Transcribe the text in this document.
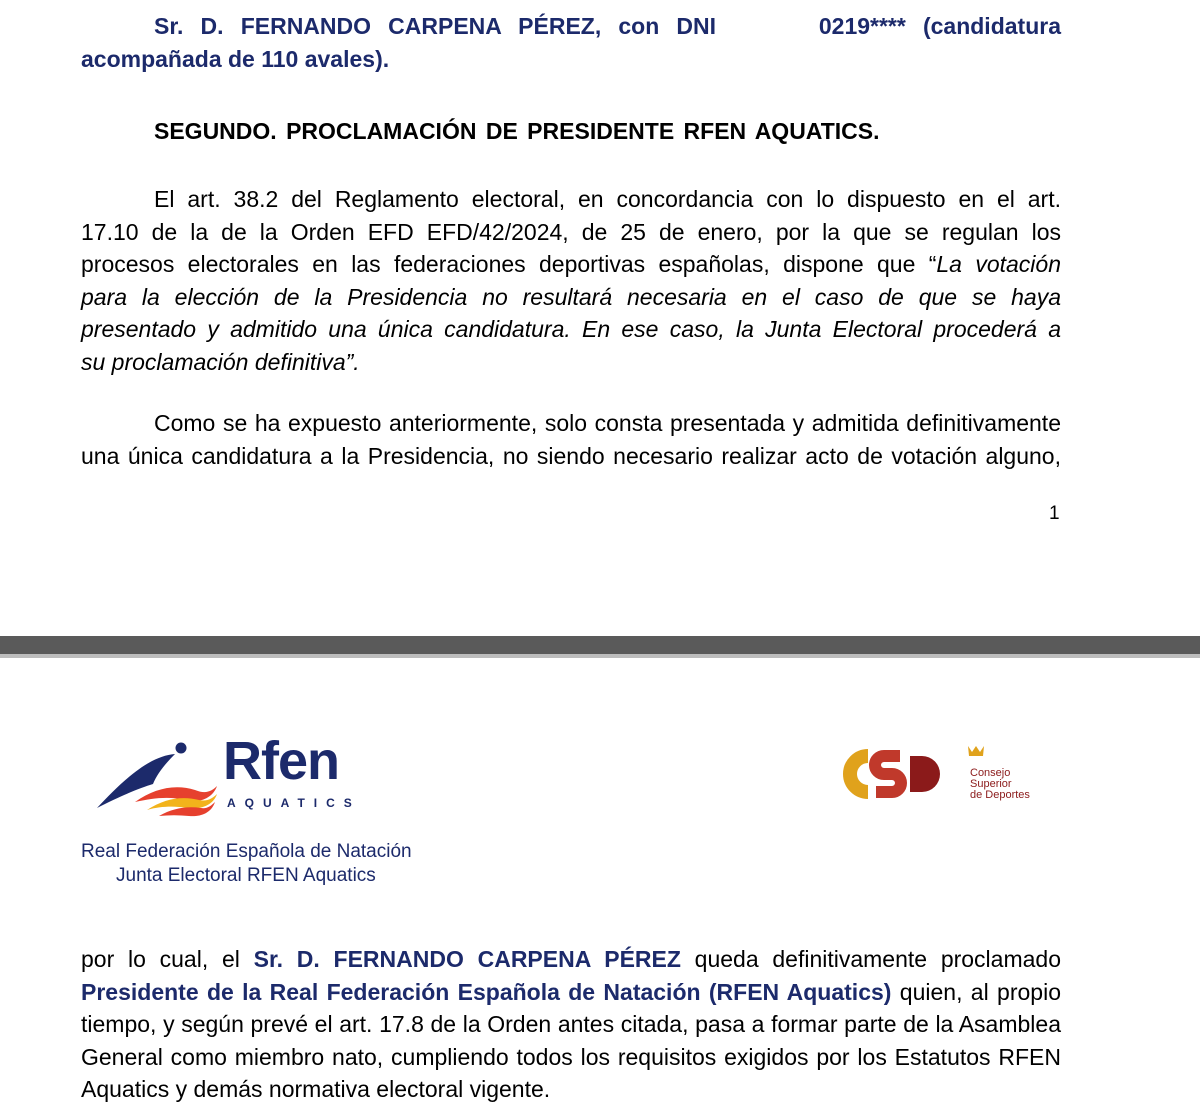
Sr. D. FERNANDO CARPENA PÉREZ, con DNI	0219**** (candidatura
acompañada de 110 avales).
SEGUNDO. PROCLAMACIÓN DE PRESIDENTE RFEN AQUATICS.
El art. 38.2 del Reglamento electoral, en concordancia con lo dispuesto en el art.
17.10 de la de la Orden EFD EFD/42/2024, de 25 de enero, por la que se regulan los
procesos electorales en las federaciones deportivas españolas, dispone que “La votación
para la elección de la Presidencia no resultará necesaria en el caso de que se haya
presentado y admitido una única candidatura. En ese caso, la Junta Electoral procederá a
su proclamación definitiva”.
Como se ha expuesto anteriormente, solo consta presentada y admitida definitivamente
una única candidatura a la Presidencia, no siendo necesario realizar acto de votación alguno,
1
Rfen
AQUATICS
Consejo
Superior
de Deportes
Real Federación Española de Natación
Junta Electoral RFEN Aquatics
por lo cual, el Sr. D. FERNANDO CARPENA PÉREZ queda definitivamente proclamado
Presidente de la Real Federación Española de Natación (RFEN Aquatics) quien, al propio
tiempo, y según prevé el art. 17.8 de la Orden antes citada, pasa a formar parte de la Asamblea
General como miembro nato, cumpliendo todos los requisitos exigidos por los Estatutos RFEN
Aquatics y demás normativa electoral vigente.
